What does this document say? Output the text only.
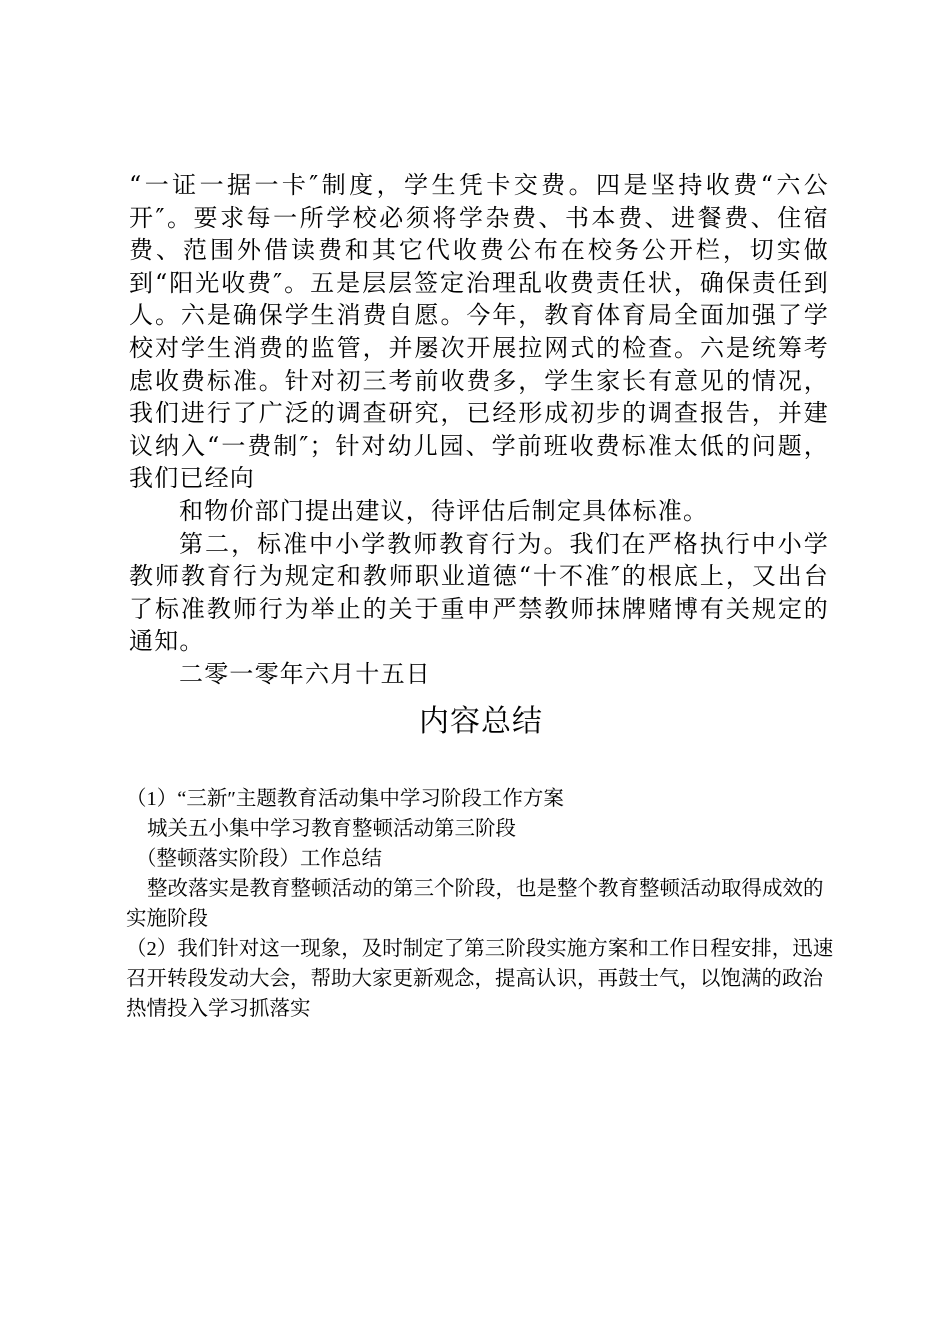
“一证一据一卡″制度，学生凭卡交费。四是坚持收费“六公开″。要求每一所学校必须将学杂费、书本费、进餐费、住宿费、范围外借读费和其它代收费公布在校务公开栏，切实做到“阳光收费″。五是层层签定治理乱收费责任状，确保责任到人。六是确保学生消费自愿。今年，教育体育局全面加强了学校对学生消费的监管，并屡次开展拉网式的检查。六是统筹考虑收费标准。针对初三考前收费多，学生家长有意见的情况，我们进行了广泛的调查研究，已经形成初步的调查报告，并建议纳入“一费制″；针对幼儿园、学前班收费标准太低的问题，我们已经向

和物价部门提出建议，待评估后制定具体标准。

第二，标准中小学教师教育行为。我们在严格执行中小学教师教育行为规定和教师职业道德“十不准″的根底上，又出台了标准教师行为举止的关于重申严禁教师抹牌赌博有关规定的通知。

二零一零年六月十五日

内容总结

（1）“三新″主题教育活动集中学习阶段工作方案

城关五小集中学习教育整顿活动第三阶段

（整顿落实阶段）工作总结

整改落实是教育整顿活动的第三个阶段，也是整个教育整顿活动取得成效的实施阶段

（2）我们针对这一现象，及时制定了第三阶段实施方案和工作日程安排，迅速召开转段发动大会，帮助大家更新观念，提高认识，再鼓士气，以饱满的政治热情投入学习抓落实
